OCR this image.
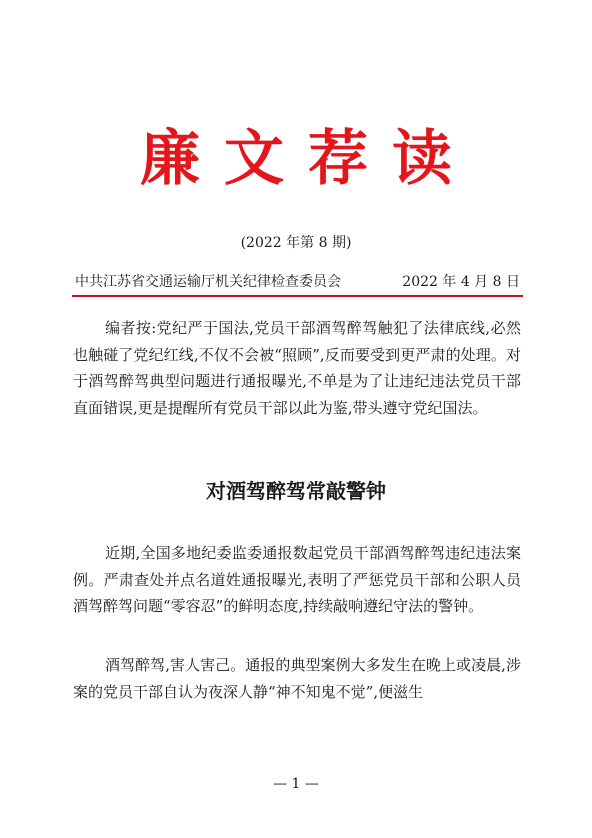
廉文荐读
(2022 年第 8 期)
中共江苏省交通运输厅机关纪律检查委员会	2022 年 4 月 8 日

编者按:党纪严于国法,党员干部酒驾醉驾触犯了法律底线,必然也触碰了党纪红线,不仅不会被“照顾”,反而要受到更严肃的处理。对于酒驾醉驾典型问题进行通报曝光,不单是为了让违纪违法党员干部直面错误,更是提醒所有党员干部以此为鉴,带头遵守党纪国法。

对酒驾醉驾常敲警钟

近期,全国多地纪委监委通报数起党员干部酒驾醉驾违纪违法案例。严肃查处并点名道姓通报曝光,表明了严惩党员干部和公职人员酒驾醉驾问题“零容忍”的鲜明态度,持续敲响遵纪守法的警钟。

酒驾醉驾,害人害己。通报的典型案例大多发生在晚上或凌晨,涉案的党员干部自认为夜深人静“神不知鬼不觉”,便滋生

— 1 —
